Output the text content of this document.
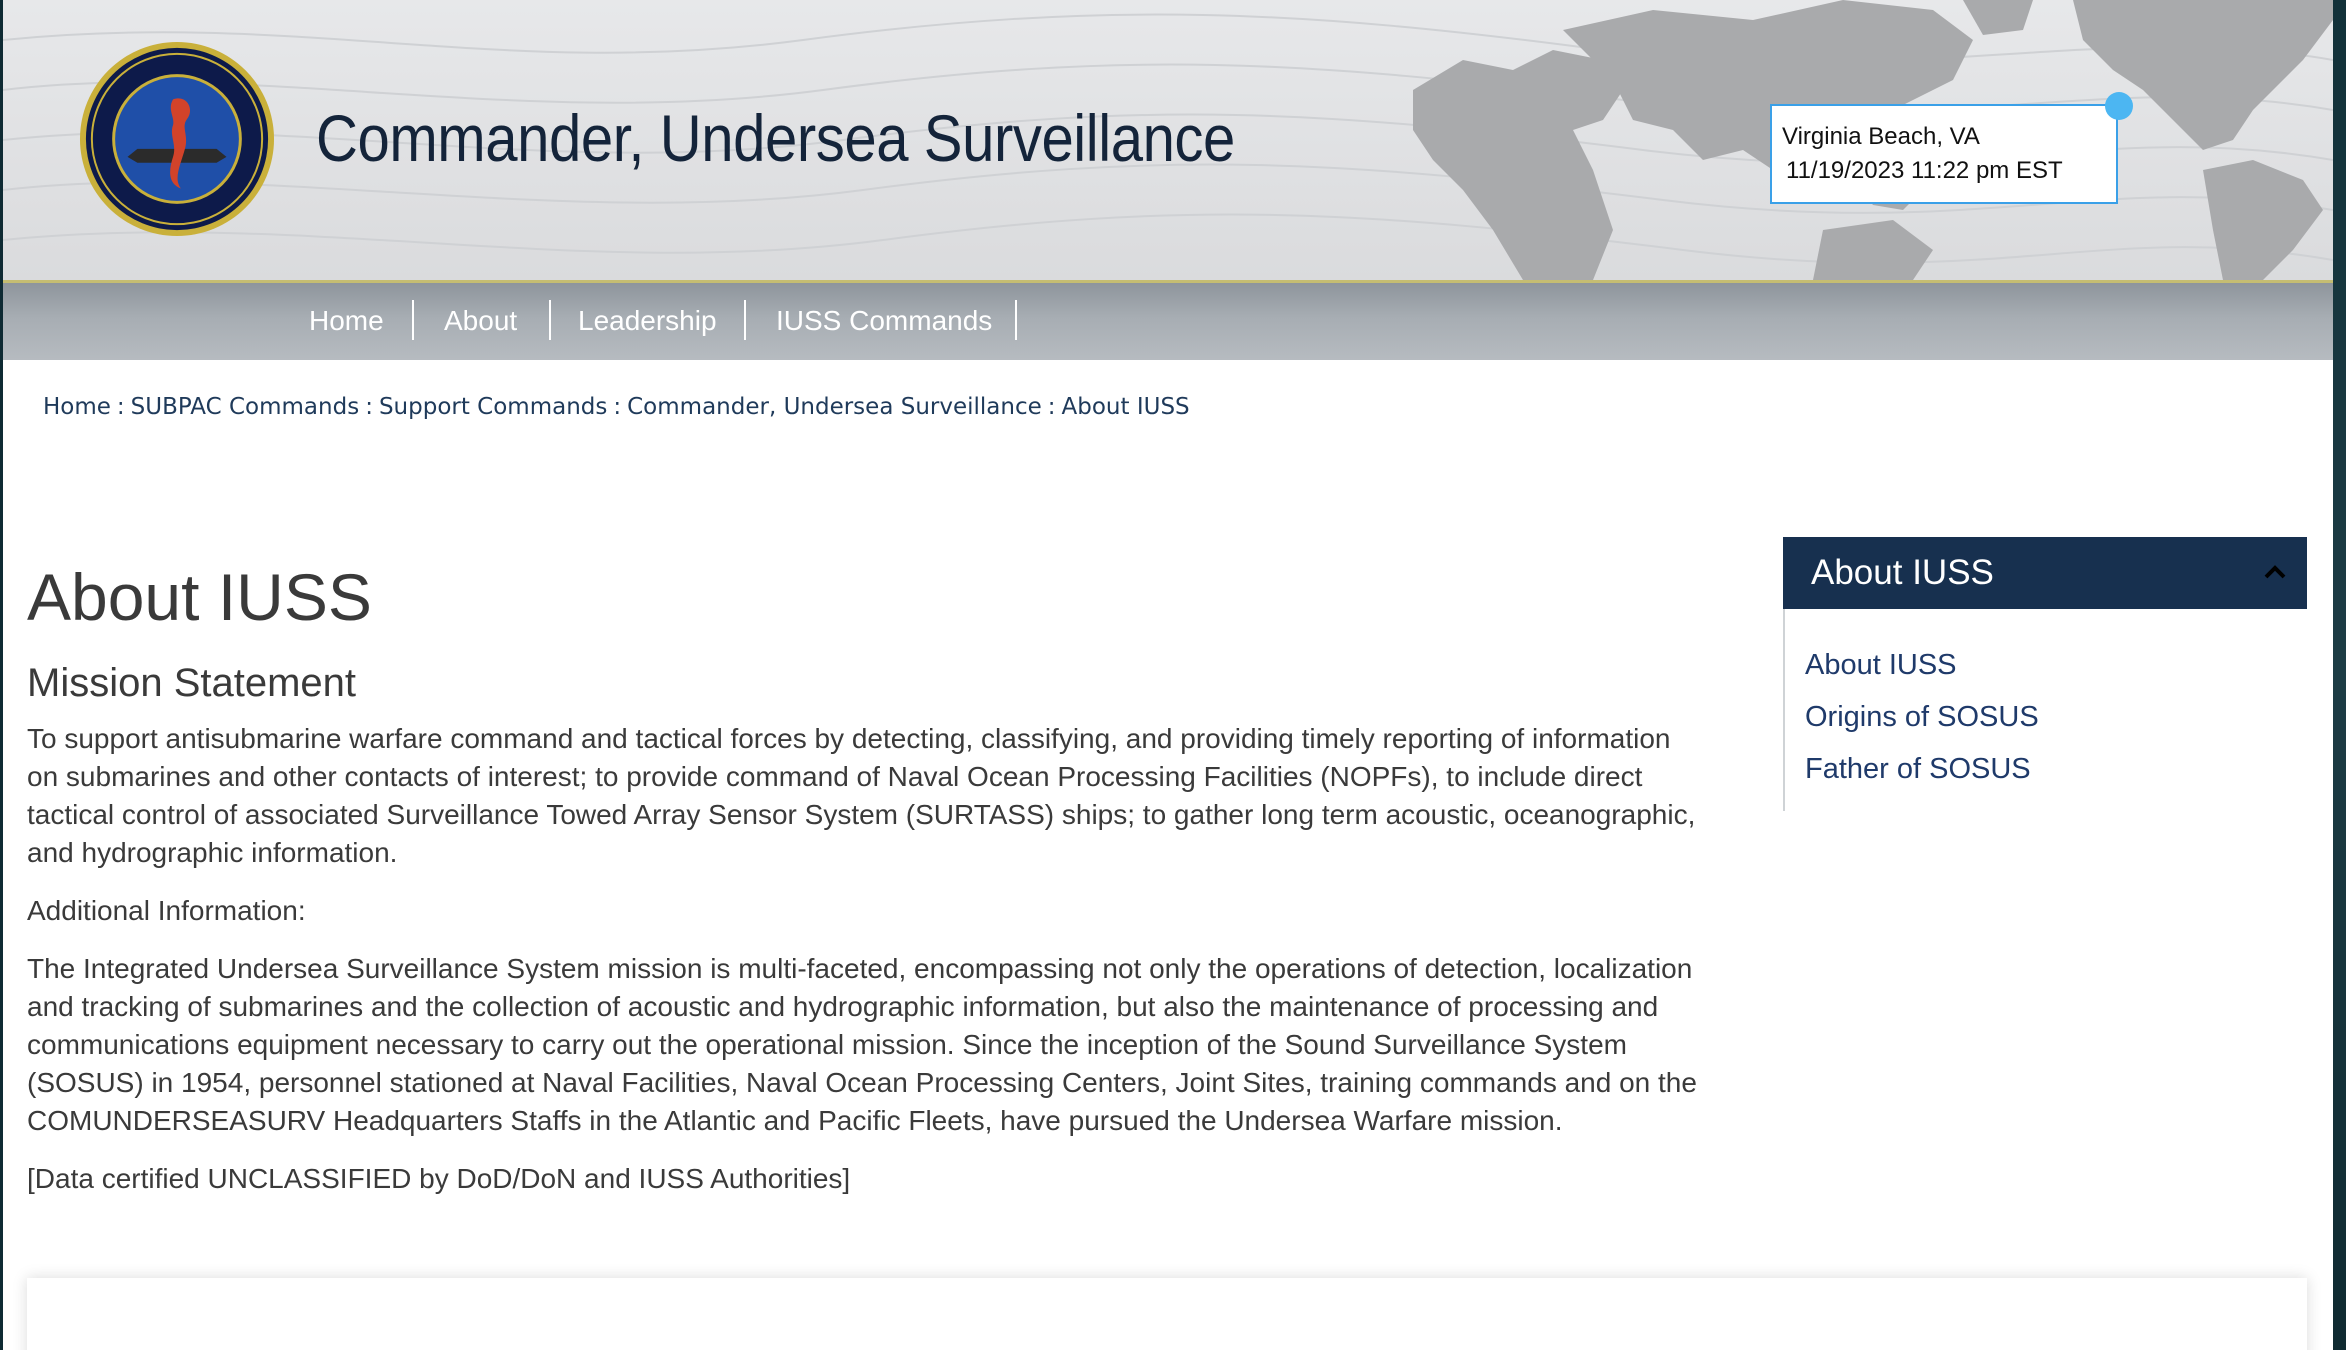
Commander, Undersea Surveillance	Virginia Beach, VA
11/19/2023 11:22 pm EST
Home About Leadership IUSS Commands
Home : SUBPAC Commands : Support Commands : Commander, Undersea Surveillance : About IUSS
About IUSS
Mission Statement

To support antisubmarine warfare command and tactical forces by detecting, classifying, and providing timely reporting of information on submarines and other contacts of interest; to provide command of Naval Ocean Processing Facilities (NOPFs), to include direct tactical control of associated Surveillance Towed Array Sensor System (SURTASS) ships; to gather long term acoustic, oceanographic, and hydrographic information.

Additional Information:

The Integrated Undersea Surveillance System mission is multi-faceted, encompassing not only the operations of detection, localization and tracking of submarines and the collection of acoustic and hydrographic information, but also the maintenance of processing and communications equipment necessary to carry out the operational mission. Since the inception of the Sound Surveillance System (SOSUS) in 1954, personnel stationed at Naval Facilities, Naval Ocean Processing Centers, Joint Sites, training commands and on the COMUNDERSEASURV Headquarters Staffs in the Atlantic and Pacific Fleets, have pursued the Undersea Warfare mission.

[Data certified UNCLASSIFIED by DoD/DoN and IUSS Authorities]

About IUSS
About IUSS
Origins of SOSUS
Father of SOSUS
